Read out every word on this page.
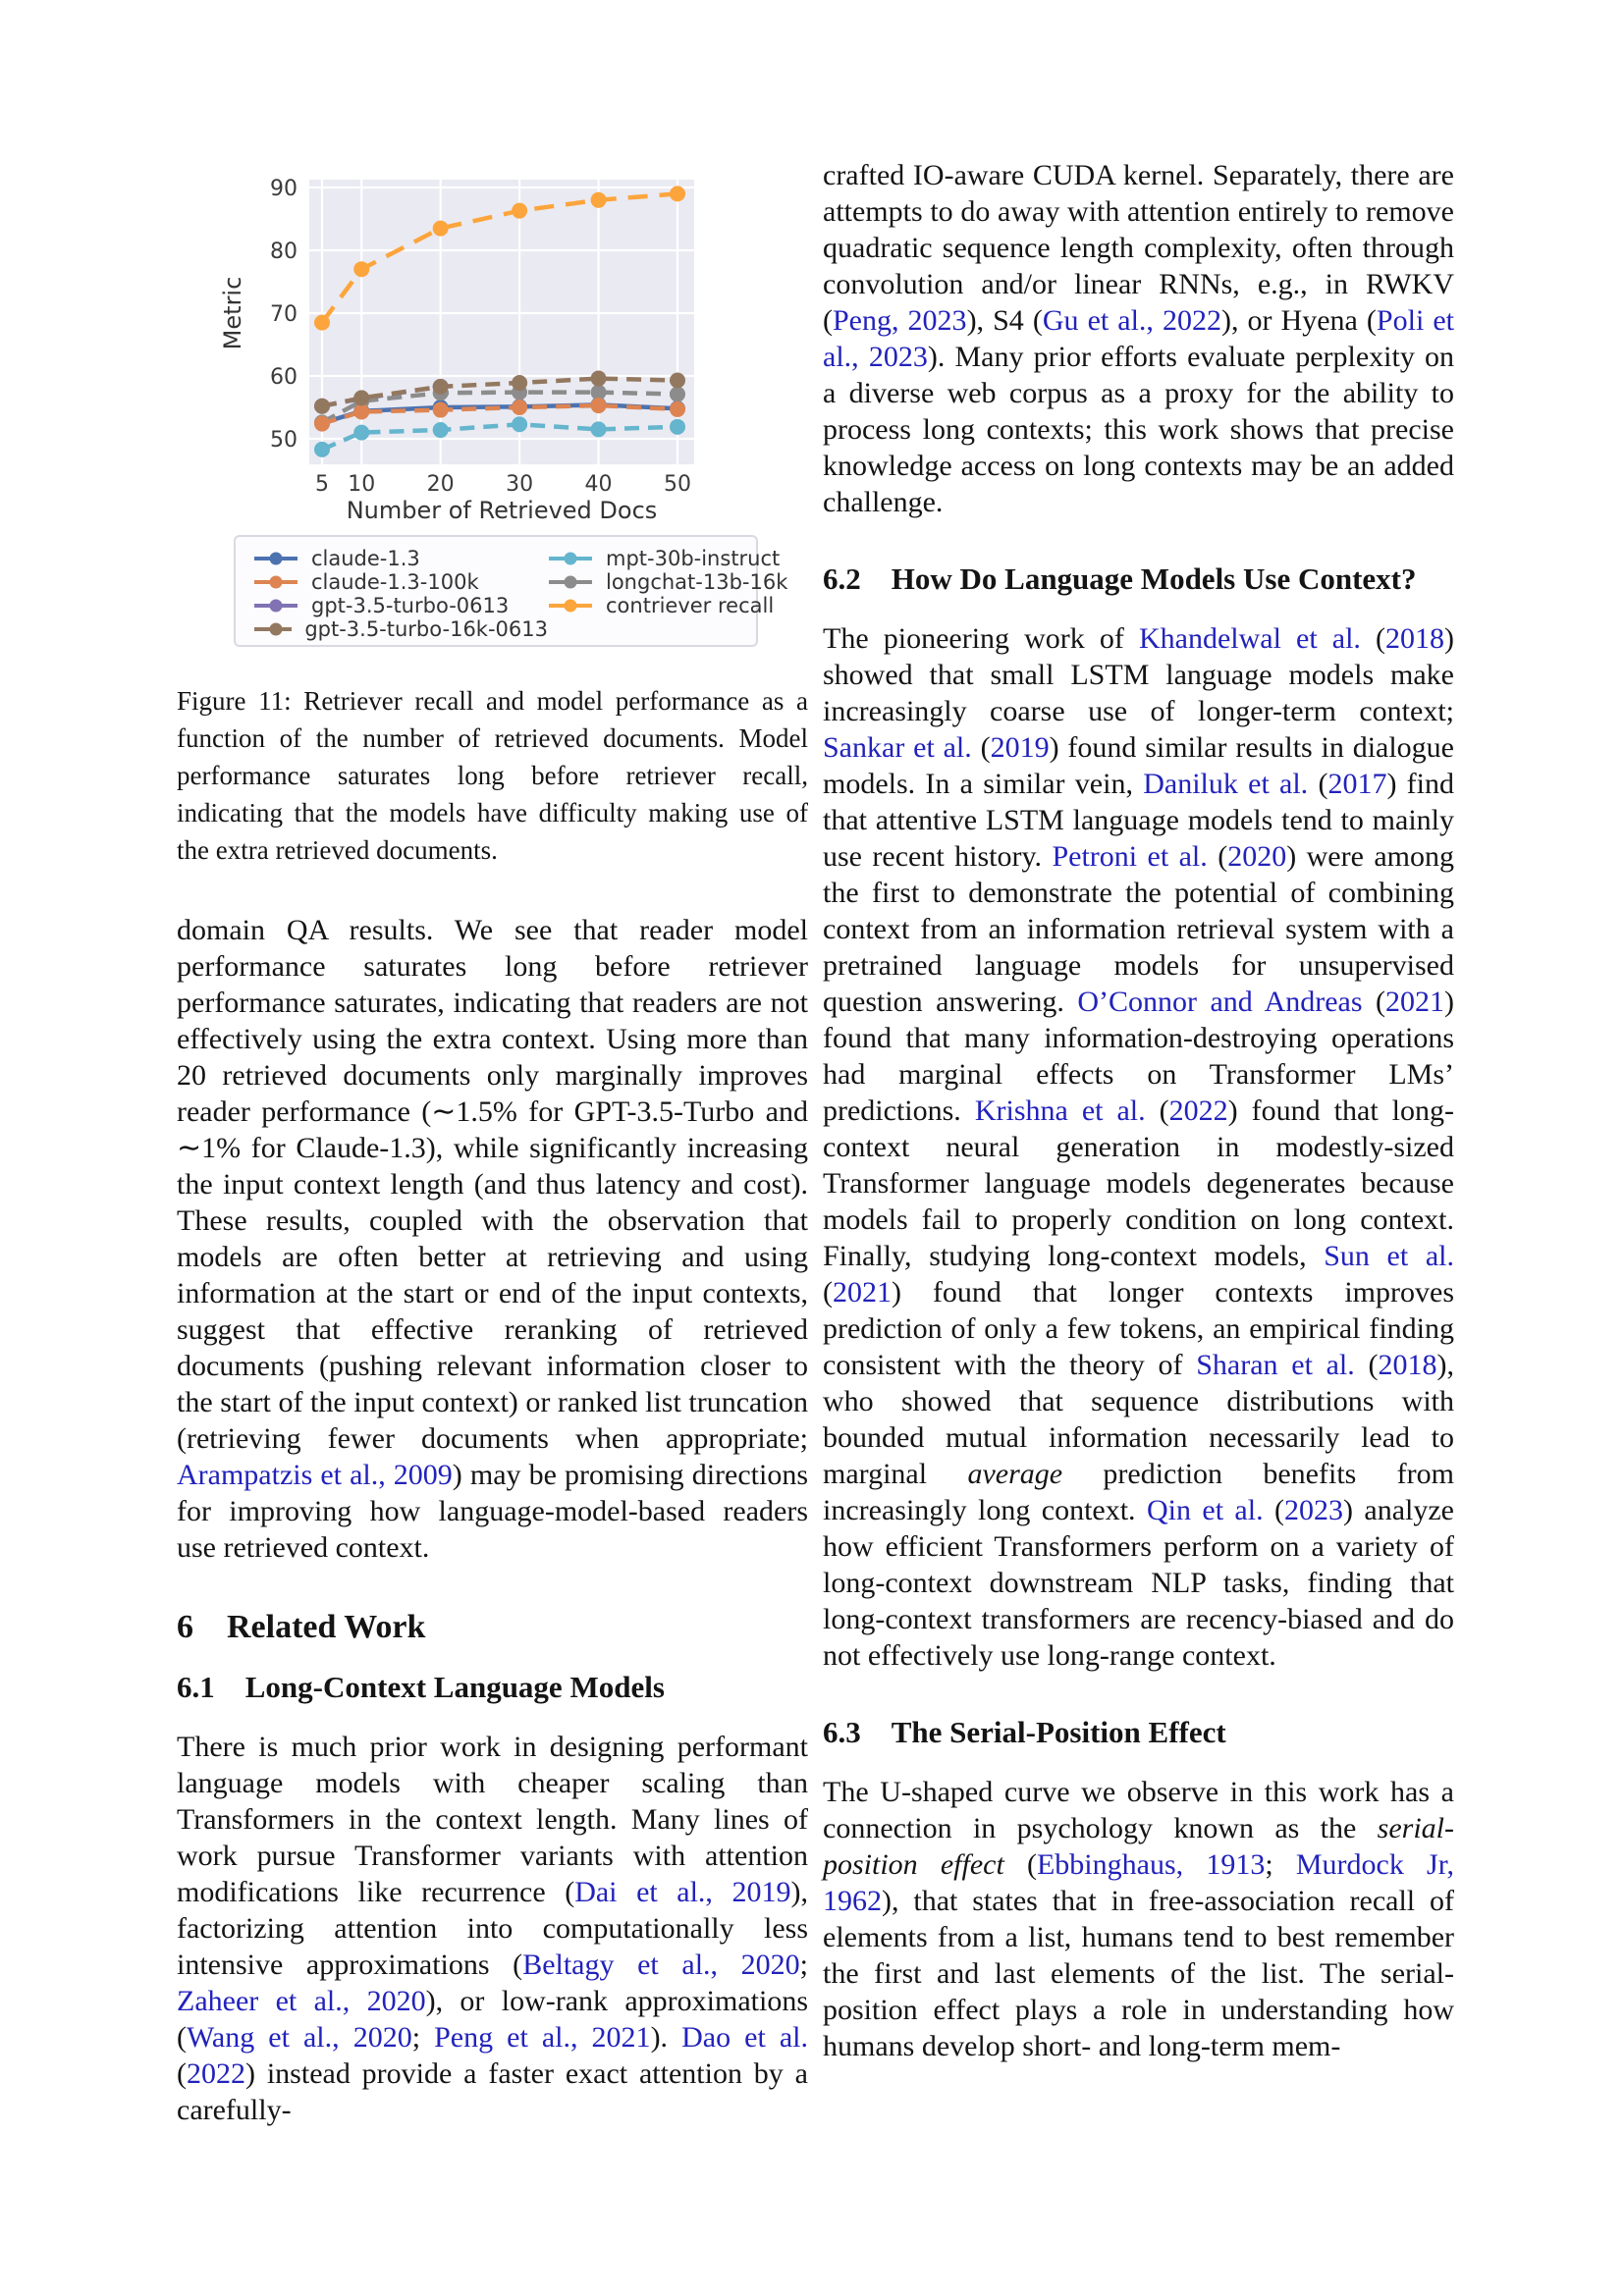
50
60
70
80
90
5 10 20 30 40 50
Number of Retrieved Docs
Metric
claude-1.3
claude-1.3-100k
gpt-3.5-turbo-0613
gpt-3.5-turbo-16k-0613
mpt-30b-instruct
longchat-13b-16k
contriever recall

Figure 11: Retriever recall and model performance as a function of the number of retrieved documents. Model performance saturates long before retriever recall, indicating that the models have difficulty making use of the extra retrieved documents.

domain QA results. We see that reader model performance saturates long before retriever performance saturates, indicating that readers are not effectively using the extra context. Using more than 20 retrieved documents only marginally improves reader performance (∼1.5% for GPT-3.5-Turbo and ∼1% for Claude-1.3), while significantly increasing the input context length (and thus latency and cost). These results, coupled with the observation that models are often better at retrieving and using information at the start or end of the input contexts, suggest that effective reranking of retrieved documents (pushing relevant information closer to the start of the input context) or ranked list truncation (retrieving fewer documents when appropriate; Arampatzis et al., 2009) may be promising directions for improving how language-model-based readers use retrieved context.

6 Related Work
6.1 Long-Context Language Models

There is much prior work in designing performant language models with cheaper scaling than Transformers in the context length. Many lines of work pursue Transformer variants with attention modifications like recurrence (Dai et al., 2019), factorizing attention into computationally less intensive approximations (Beltagy et al., 2020; Zaheer et al., 2020), or low-rank approximations (Wang et al., 2020; Peng et al., 2021). Dao et al. (2022) instead provide a faster exact attention by a carefully-

crafted IO-aware CUDA kernel. Separately, there are attempts to do away with attention entirely to remove quadratic sequence length complexity, often through convolution and/or linear RNNs, e.g., in RWKV (Peng, 2023), S4 (Gu et al., 2022), or Hyena (Poli et al., 2023). Many prior efforts evaluate perplexity on a diverse web corpus as a proxy for the ability to process long contexts; this work shows that precise knowledge access on long contexts may be an added challenge.

6.2 How Do Language Models Use Context?

The pioneering work of Khandelwal et al. (2018) showed that small LSTM language models make increasingly coarse use of longer-term context; Sankar et al. (2019) found similar results in dialogue models. In a similar vein, Daniluk et al. (2017) find that attentive LSTM language models tend to mainly use recent history. Petroni et al. (2020) were among the first to demonstrate the potential of combining context from an information retrieval system with a pretrained language models for unsupervised question answering. O’Connor and Andreas (2021) found that many information-destroying operations had marginal effects on Transformer LMs’ predictions. Krishna et al. (2022) found that long-context neural generation in modestly-sized Transformer language models degenerates because models fail to properly condition on long context. Finally, studying long-context models, Sun et al. (2021) found that longer contexts improves prediction of only a few tokens, an empirical finding consistent with the theory of Sharan et al. (2018), who showed that sequence distributions with bounded mutual information necessarily lead to marginal average prediction benefits from increasingly long context. Qin et al. (2023) analyze how efficient Transformers perform on a variety of long-context downstream NLP tasks, finding that long-context transformers are recency-biased and do not effectively use long-range context.

6.3 The Serial-Position Effect

The U-shaped curve we observe in this work has a connection in psychology known as the serial-position effect (Ebbinghaus, 1913; Murdock Jr, 1962), that states that in free-association recall of elements from a list, humans tend to best remember the first and last elements of the list. The serial-position effect plays a role in understanding how humans develop short- and long-term mem-
